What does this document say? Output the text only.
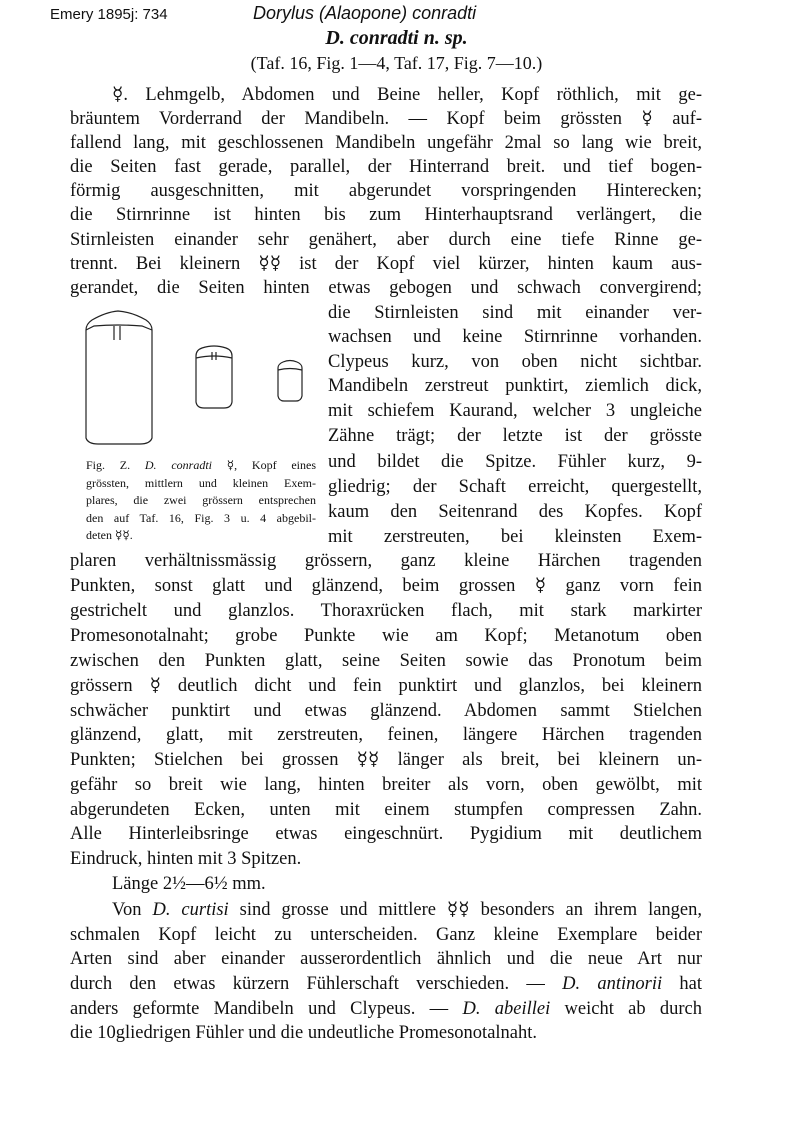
Emery 1895j: 734	Dorylus (Alaopone) conradti
D. conradti n. sp.
(Taf. 16, Fig. 1—4, Taf. 17, Fig. 7—10.)
☿. Lehmgelb, Abdomen und Beine heller, Kopf röthlich, mit ge-
bräuntem Vorderrand der Mandibeln. — Kopf beim grössten ☿ auf-
fallend lang, mit geschlossenen Mandibeln ungefähr 2mal so lang wie breit,
die Seiten fast gerade, parallel, der Hinterrand breit. und tief bogen-
förmig ausgeschnitten, mit abgerundet vorspringenden Hinterecken;
die Stirnrinne ist hinten bis zum Hinterhauptsrand verlängert, die
Stirnleisten einander sehr genähert, aber durch eine tiefe Rinne ge-
trennt. Bei kleinern ☿☿ ist der Kopf viel kürzer, hinten kaum aus-
gerandet, die Seiten hinten etwas gebogen und schwach convergirend;
die Stirnleisten sind mit einander ver-
wachsen und keine Stirnrinne vorhanden.
Clypeus kurz, von oben nicht sichtbar.
Mandibeln zerstreut punktirt, ziemlich dick,
mit schiefem Kaurand, welcher 3 ungleiche
Zähne trägt; der letzte ist der grösste
und bildet die Spitze. Fühler kurz, 9-
gliedrig; der Schaft erreicht, quergestellt,
kaum den Seitenrand des Kopfes. Kopf
mit zerstreuten, bei kleinsten Exem-
Fig. Z. D. conradti ☿, Kopf eines
grössten, mittlern und kleinen Exem-
plares, die zwei grössern entsprechen
den auf Taf. 16, Fig. 3 u. 4 abgebil-
deten ☿☿.
plaren verhältnissmässig grössern, ganz kleine Härchen tragenden
Punkten, sonst glatt und glänzend, beim grossen ☿ ganz vorn fein
gestrichelt und glanzlos. Thoraxrücken flach, mit stark markirter
Promesonotalnaht; grobe Punkte wie am Kopf; Metanotum oben
zwischen den Punkten glatt, seine Seiten sowie das Pronotum beim
grössern ☿ deutlich dicht und fein punktirt und glanzlos, bei kleinern
schwächer punktirt und etwas glänzend. Abdomen sammt Stielchen
glänzend, glatt, mit zerstreuten, feinen, längere Härchen tragenden
Punkten; Stielchen bei grossen ☿☿ länger als breit, bei kleinern un-
gefähr so breit wie lang, hinten breiter als vorn, oben gewölbt, mit
abgerundeten Ecken, unten mit einem stumpfen compressen Zahn.
Alle Hinterleibsringe etwas eingeschnürt. Pygidium mit deutlichem
Eindruck, hinten mit 3 Spitzen.
Länge 2½—6½ mm.
Von D. curtisi sind grosse und mittlere ☿☿ besonders an ihrem langen,
schmalen Kopf leicht zu unterscheiden. Ganz kleine Exemplare beider
Arten sind aber einander ausserordentlich ähnlich und die neue Art nur
durch den etwas kürzern Fühlerschaft verschieden. — D. antinorii hat
anders geformte Mandibeln und Clypeus. — D. abeillei weicht ab durch
die 10gliedrigen Fühler und die undeutliche Promesonotalnaht.
